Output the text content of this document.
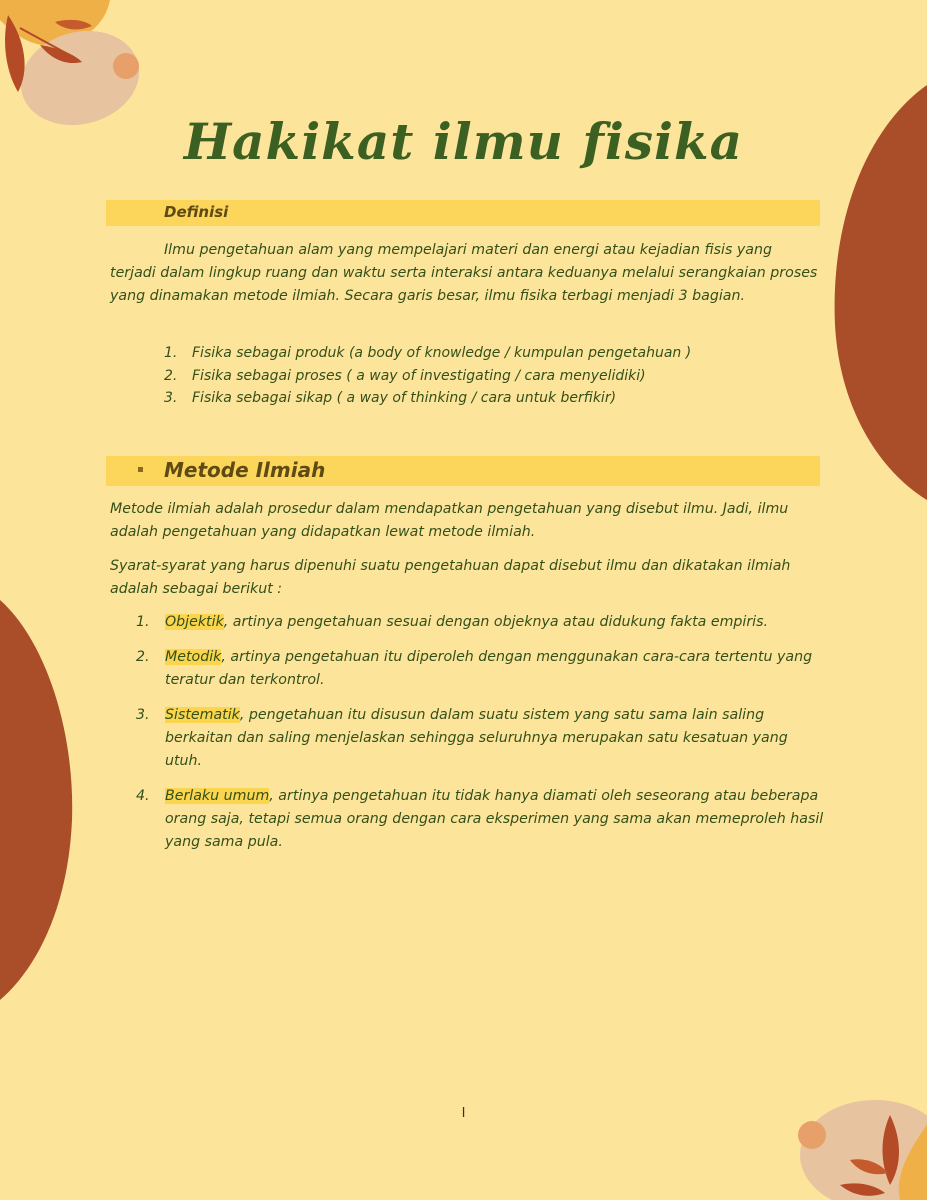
Hakikat ilmu fisika
Definisi

Ilmu pengetahuan alam yang mempelajari materi dan energi atau kejadian fisis yang terjadi dalam lingkup ruang dan waktu serta interaksi antara keduanya melalui serangkaian proses yang dinamakan metode ilmiah. Secara garis besar, ilmu fisika terbagi menjadi 3 bagian.

1. Fisika sebagai produk (a body of knowledge / kumpulan pengetahuan )
2. Fisika sebagai proses ( a way of investigating / cara menyelidiki)
3. Fisika sebagai sikap ( a way of thinking / cara untuk berfikir)
Metode Ilmiah

Metode ilmiah adalah prosedur dalam mendapatkan pengetahuan yang disebut ilmu. Jadi, ilmu adalah pengetahuan yang didapatkan lewat metode ilmiah.

Syarat-syarat yang harus dipenuhi suatu pengetahuan dapat disebut ilmu dan dikatakan ilmiah adalah sebagai berikut :

1. Objektik, artinya pengetahuan sesuai dengan objeknya atau didukung fakta empiris.
2. Metodik, artinya pengetahuan itu diperoleh dengan menggunakan cara-cara tertentu yang teratur dan terkontrol.
3. Sistematik, pengetahuan itu disusun dalam suatu sistem yang satu sama lain saling berkaitan dan saling menjelaskan sehingga seluruhnya merupakan satu kesatuan yang utuh.
4. Berlaku umum, artinya pengetahuan itu tidak hanya diamati oleh seseorang atau beberapa orang saja, tetapi semua orang dengan cara eksperimen yang sama akan memeproleh hasil yang sama pula.
I
